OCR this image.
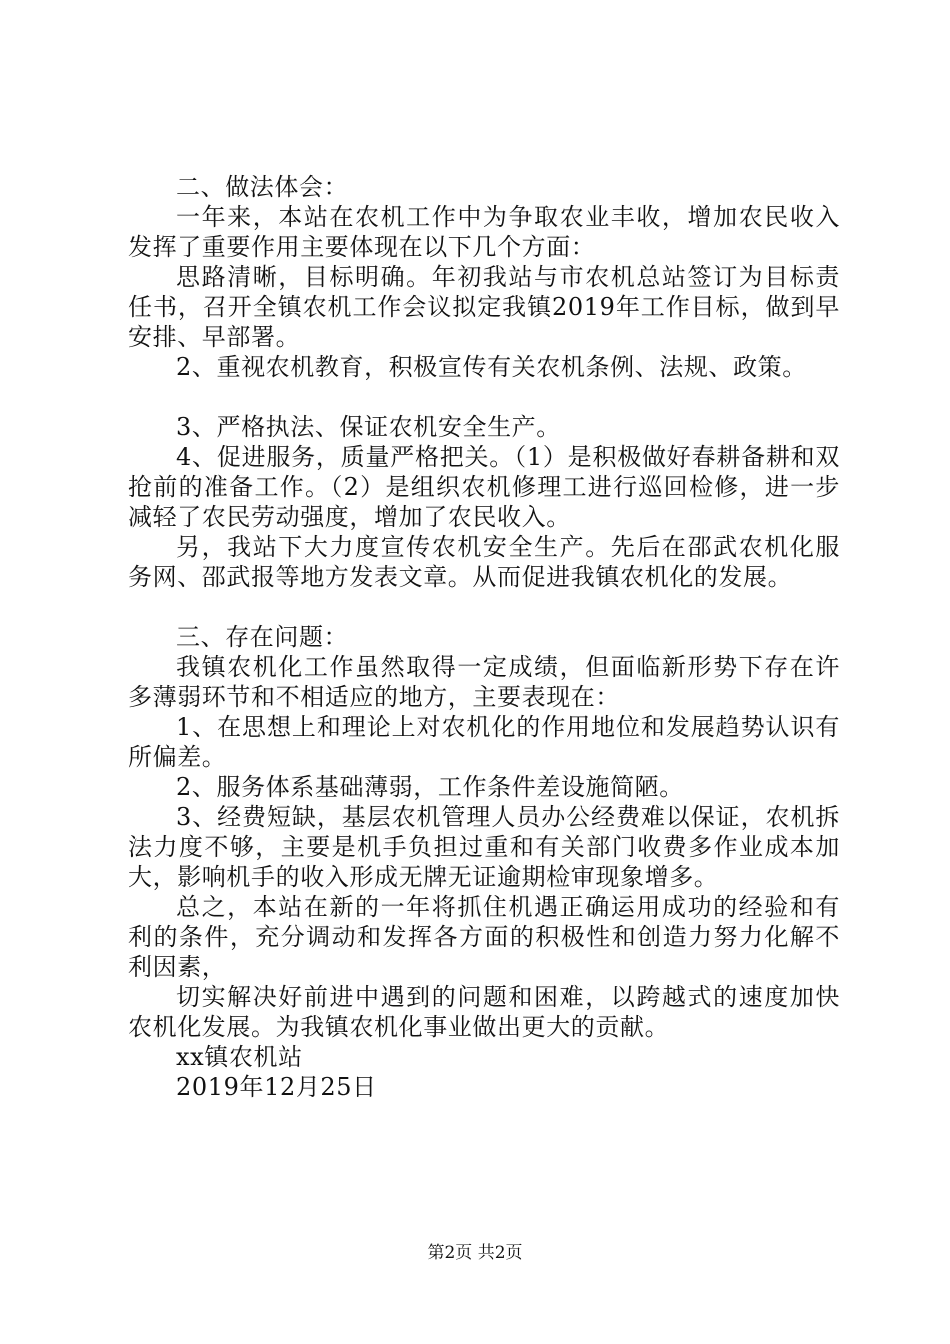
二、做法体会：

一年来，本站在农机工作中为争取农业丰收，增加农民收入发挥了重要作用主要体现在以下几个方面：

思路清晰，目标明确。年初我站与市农机总站签订为目标责任书，召开全镇农机工作会议拟定我镇2019年工作目标，做到早安排、早部署。

2、重视农机教育，积极宣传有关农机条例、法规、政策。

3、严格执法、保证农机安全生产。

4、促进服务，质量严格把关。（1）是积极做好春耕备耕和双抢前的准备工作。（2）是组织农机修理工进行巡回检修，进一步减轻了农民劳动强度，增加了农民收入。

另，我站下大力度宣传农机安全生产。先后在邵武农机化服务网、邵武报等地方发表文章。从而促进我镇农机化的发展。

三、存在问题：

我镇农机化工作虽然取得一定成绩，但面临新形势下存在许多薄弱环节和不相适应的地方，主要表现在：

1、在思想上和理论上对农机化的作用地位和发展趋势认识有所偏差。

2、服务体系基础薄弱，工作条件差设施简陋。

3、经费短缺，基层农机管理人员办公经费难以保证，农机拆法力度不够，主要是机手负担过重和有关部门收费多作业成本加大，影响机手的收入形成无牌无证逾期检审现象增多。

总之，本站在新的一年将抓住机遇正确运用成功的经验和有利的条件，充分调动和发挥各方面的积极性和创造力努力化解不利因素，

切实解决好前进中遇到的问题和困难，以跨越式的速度加快农机化发展。为我镇农机化事业做出更大的贡献。

xx镇农机站

2019年12月25日

第2页 共2页
